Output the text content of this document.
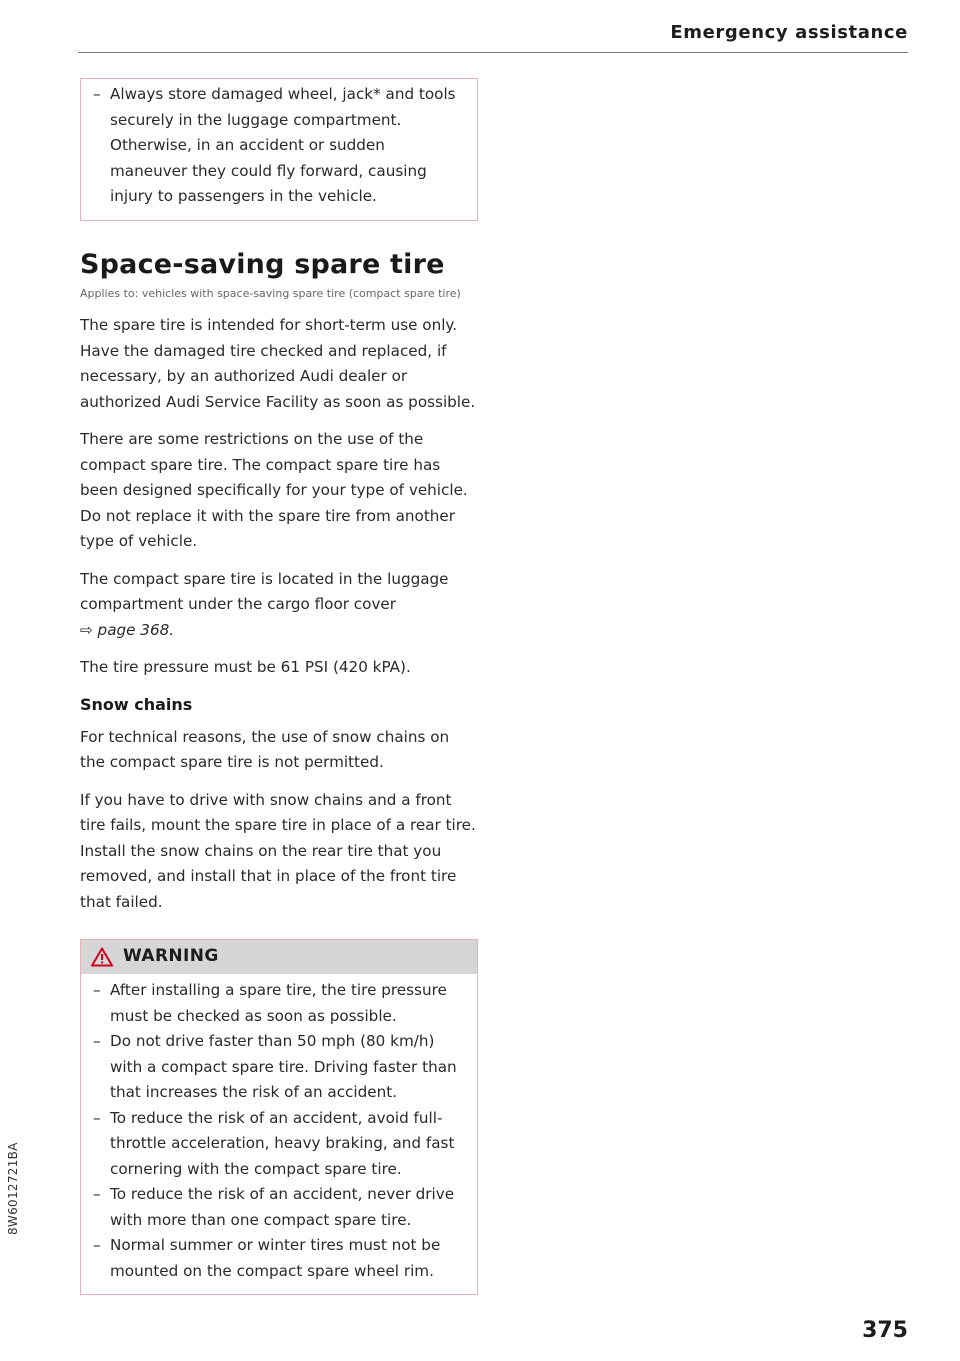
Emergency assistance
– Always store damaged wheel, jack* and tools securely in the luggage compartment. Otherwise, in an accident or sudden maneuver they could fly forward, causing injury to passengers in the vehicle.
Space-saving spare tire
Applies to: vehicles with space-saving spare tire (compact spare tire)

The spare tire is intended for short-term use only. Have the damaged tire checked and replaced, if necessary, by an authorized Audi dealer or authorized Audi Service Facility as soon as possible.

There are some restrictions on the use of the compact spare tire. The compact spare tire has been designed specifically for your type of vehicle. Do not replace it with the spare tire from another type of vehicle.

The compact spare tire is located in the luggage compartment under the cargo floor cover
⇨ page 368.

The tire pressure must be 61 PSI (420 kPA).

Snow chains

For technical reasons, the use of snow chains on the compact spare tire is not permitted.

If you have to drive with snow chains and a front tire fails, mount the spare tire in place of a rear tire. Install the snow chains on the rear tire that you removed, and install that in place of the front tire that failed.

WARNING
– After installing a spare tire, the tire pressure must be checked as soon as possible.
– Do not drive faster than 50 mph (80 km/h) with a compact spare tire. Driving faster than that increases the risk of an accident.
– To reduce the risk of an accident, avoid full-throttle acceleration, heavy braking, and fast cornering with the compact spare tire.
– To reduce the risk of an accident, never drive with more than one compact spare tire.
– Normal summer or winter tires must not be mounted on the compact spare wheel rim.
8W6012721BA
375
